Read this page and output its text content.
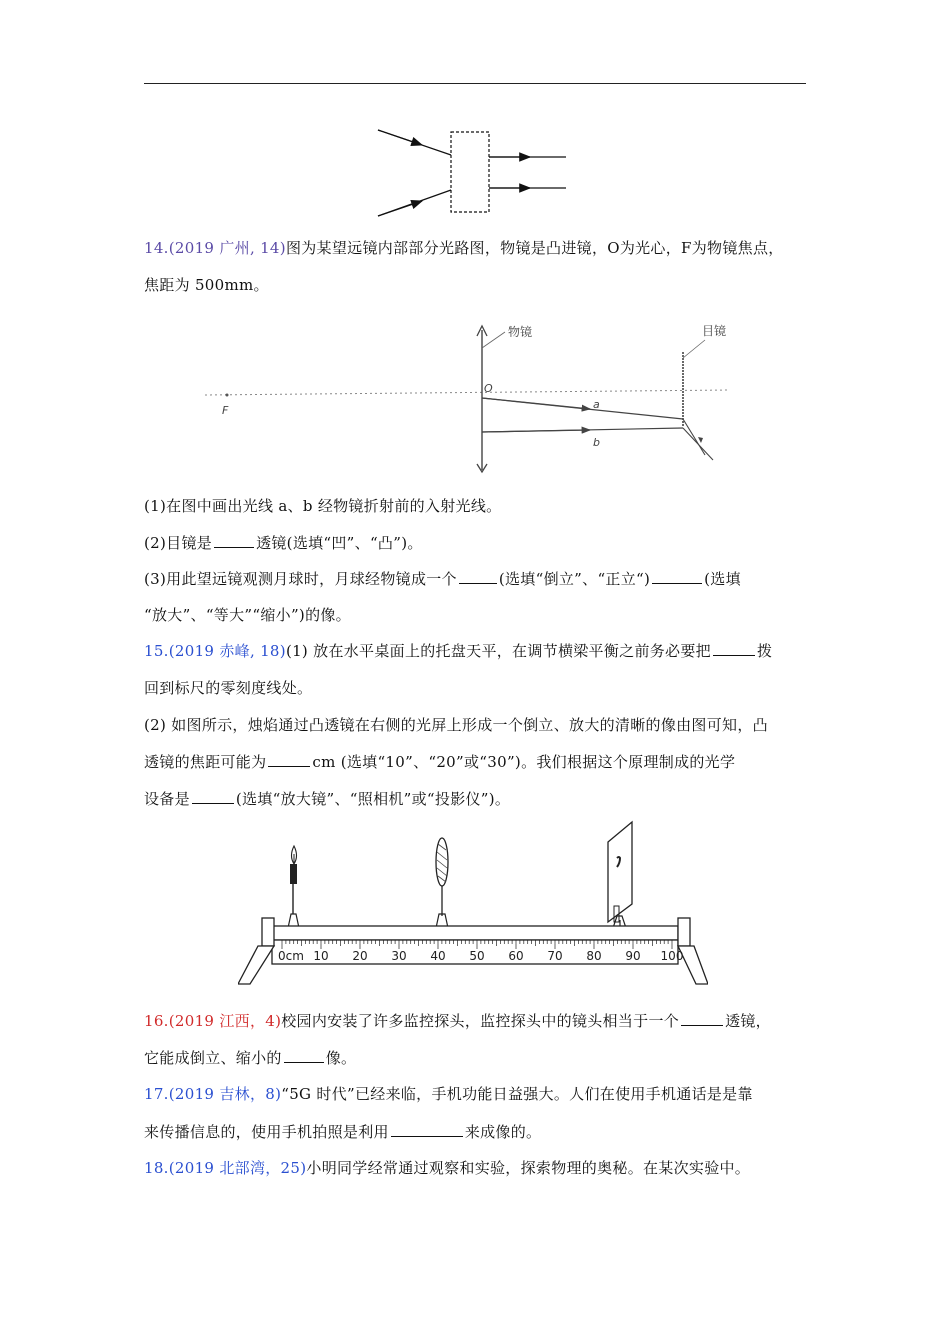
14.(2019 广州, 14)图为某望远镜内部部分光路图，物镜是凸进镜，O为光心，F为物镜焦点，
焦距为 500mm。
F
物镜
O
目镜
a
b
(1)在图中画出光线 a、b 经物镜折射前的入射光线。
(2)目镜是	透镜(选填“凹”、“凸”)。
(3)用此望远镜观测月球时，月球经物镜成一个	(选填“倒立”、“正立“)	(选填
“放大”、“等大”“缩小”)的像。
15.(2019 赤峰, 18)(1) 放在水平桌面上的托盘天平，在调节横梁平衡之前务必要把	拨
回到标尺的零刻度线处。
(2) 如图所示，烛焰通过凸透镜在右侧的光屏上形成一个倒立、放大的清晰的像由图可知，凸
透镜的焦距可能为	cm (选填“10”、“20”或“30”)。我们根据这个原理制成的光学
设备是	(选填“放大镜”、“照相机”或“投影仪”)。
0cm 10 20 30 40 50 60 70 80 90 100
16.(2019 江西，4)校园内安装了许多监控探头，监控探头中的镜头相当于一个	透镜，
它能成倒立、缩小的	像。
17.(2019 吉林，8)“5G 时代”已经来临，手机功能日益强大。人们在使用手机通话是是靠
来传播信息的，使用手机拍照是利用	来成像的。
18.(2019 北部湾，25)小明同学经常通过观察和实验，探索物理的奥秘。在某次实验中。
